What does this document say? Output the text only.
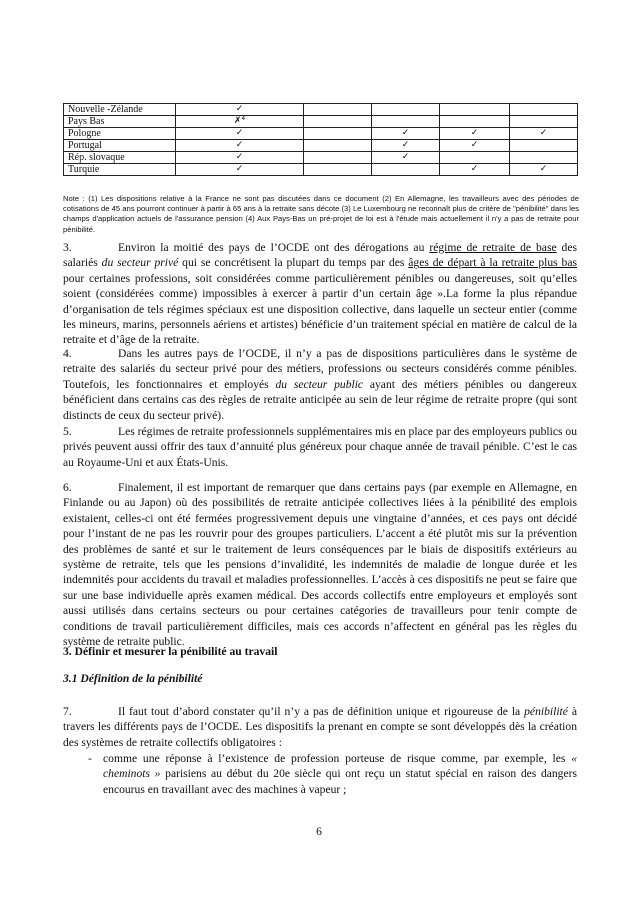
Nouvelle -Zélande	✓				
Pays Bas	✗⁴				
Pologne	✓		✓	✓	✓
Portugal	✓		✓	✓	
Rép. slovaque	✓		✓		
Turquie	✓			✓	✓
Note : (1) Les dispositions relative à la France ne sont pas discutées dans ce document (2) En Allemagne, les travailleurs avec des périodes de cotisations de 45 ans pourront continuer à partir à 65 ans à la retraite sans décote (3) Le Luxembourg ne reconnaît plus de critère de "pénibilité" dans les champs d'application actuels de l'assurance pension (4) Aux Pays-Bas un pré-projet de loi est à l'étude mais actuellement il n'y a pas de retraite pour pénibilité.

3.	Environ la moitié des pays de l’OCDE ont des dérogations au régime de retraite de base des salariés du secteur privé qui se concrétisent la plupart du temps par des âges de départ à la retraite plus bas pour certaines professions, soit considérées comme particulièrement pénibles ou dangereuses, soit qu’elles soient (considérées comme) impossibles à exercer à partir d’un certain âge ».La forme la plus répandue d’organisation de tels régimes spéciaux est une disposition collective, dans laquelle un secteur entier (comme les mineurs, marins, personnels aériens et artistes) bénéficie d’un traitement spécial en matière de calcul de la retraite et d’âge de la retraite.

4.	Dans les autres pays de l’OCDE, il n’y a pas de dispositions particulières dans le système de retraite des salariés du secteur privé pour des métiers, professions ou secteurs considérés comme pénibles. Toutefois, les fonctionnaires et employés du secteur public ayant des métiers pénibles ou dangereux bénéficient dans certains cas des règles de retraite anticipée au sein de leur régime de retraite propre (qui sont distincts de ceux du secteur privé).

5.	Les régimes de retraite professionnels supplémentaires mis en place par des employeurs publics ou privés peuvent aussi offrir des taux d’annuité plus généreux pour chaque année de travail pénible. C’est le cas au Royaume-Uni et aux États-Unis.

6.	Finalement, il est important de remarquer que dans certains pays (par exemple en Allemagne, en Finlande ou au Japon) où des possibilités de retraite anticipée collectives liées à la pénibilité des emplois existaient, celles-ci ont été fermées progressivement depuis une vingtaine d’années, et ces pays ont décidé pour l’instant de ne pas les rouvrir pour des groupes particuliers. L’accent a été plutôt mis sur la prévention des problèmes de santé et sur le traitement de leurs conséquences par le biais de dispositifs extérieurs au système de retraite, tels que les pensions d’invalidité, les indemnités de maladie de longue durée et les indemnités pour accidents du travail et maladies professionnelles. L’accès à ces dispositifs ne peut se faire que sur une base individuelle après examen médical. Des accords collectifs entre employeurs et employés sont aussi utilisés dans certains secteurs ou pour certaines catégories de travailleurs pour tenir compte de conditions de travail particulièrement difficiles, mais ces accords n’affectent en général pas les règles du système de retraite public.

3. Définir et mesurer la pénibilité au travail

3.1 Définition de la pénibilité

7.	Il faut tout d’abord constater qu’il n’y a pas de définition unique et rigoureuse de la pénibilité à travers les différents pays de l’OCDE. Les dispositifs la prenant en compte se sont développés dès la création des systèmes de retraite collectifs obligatoires :

- comme une réponse à l’existence de profession porteuse de risque comme, par exemple, les « cheminots » parisiens au début du 20e siècle qui ont reçu un statut spécial en raison des dangers encourus en travaillant avec des machines à vapeur ;

6
